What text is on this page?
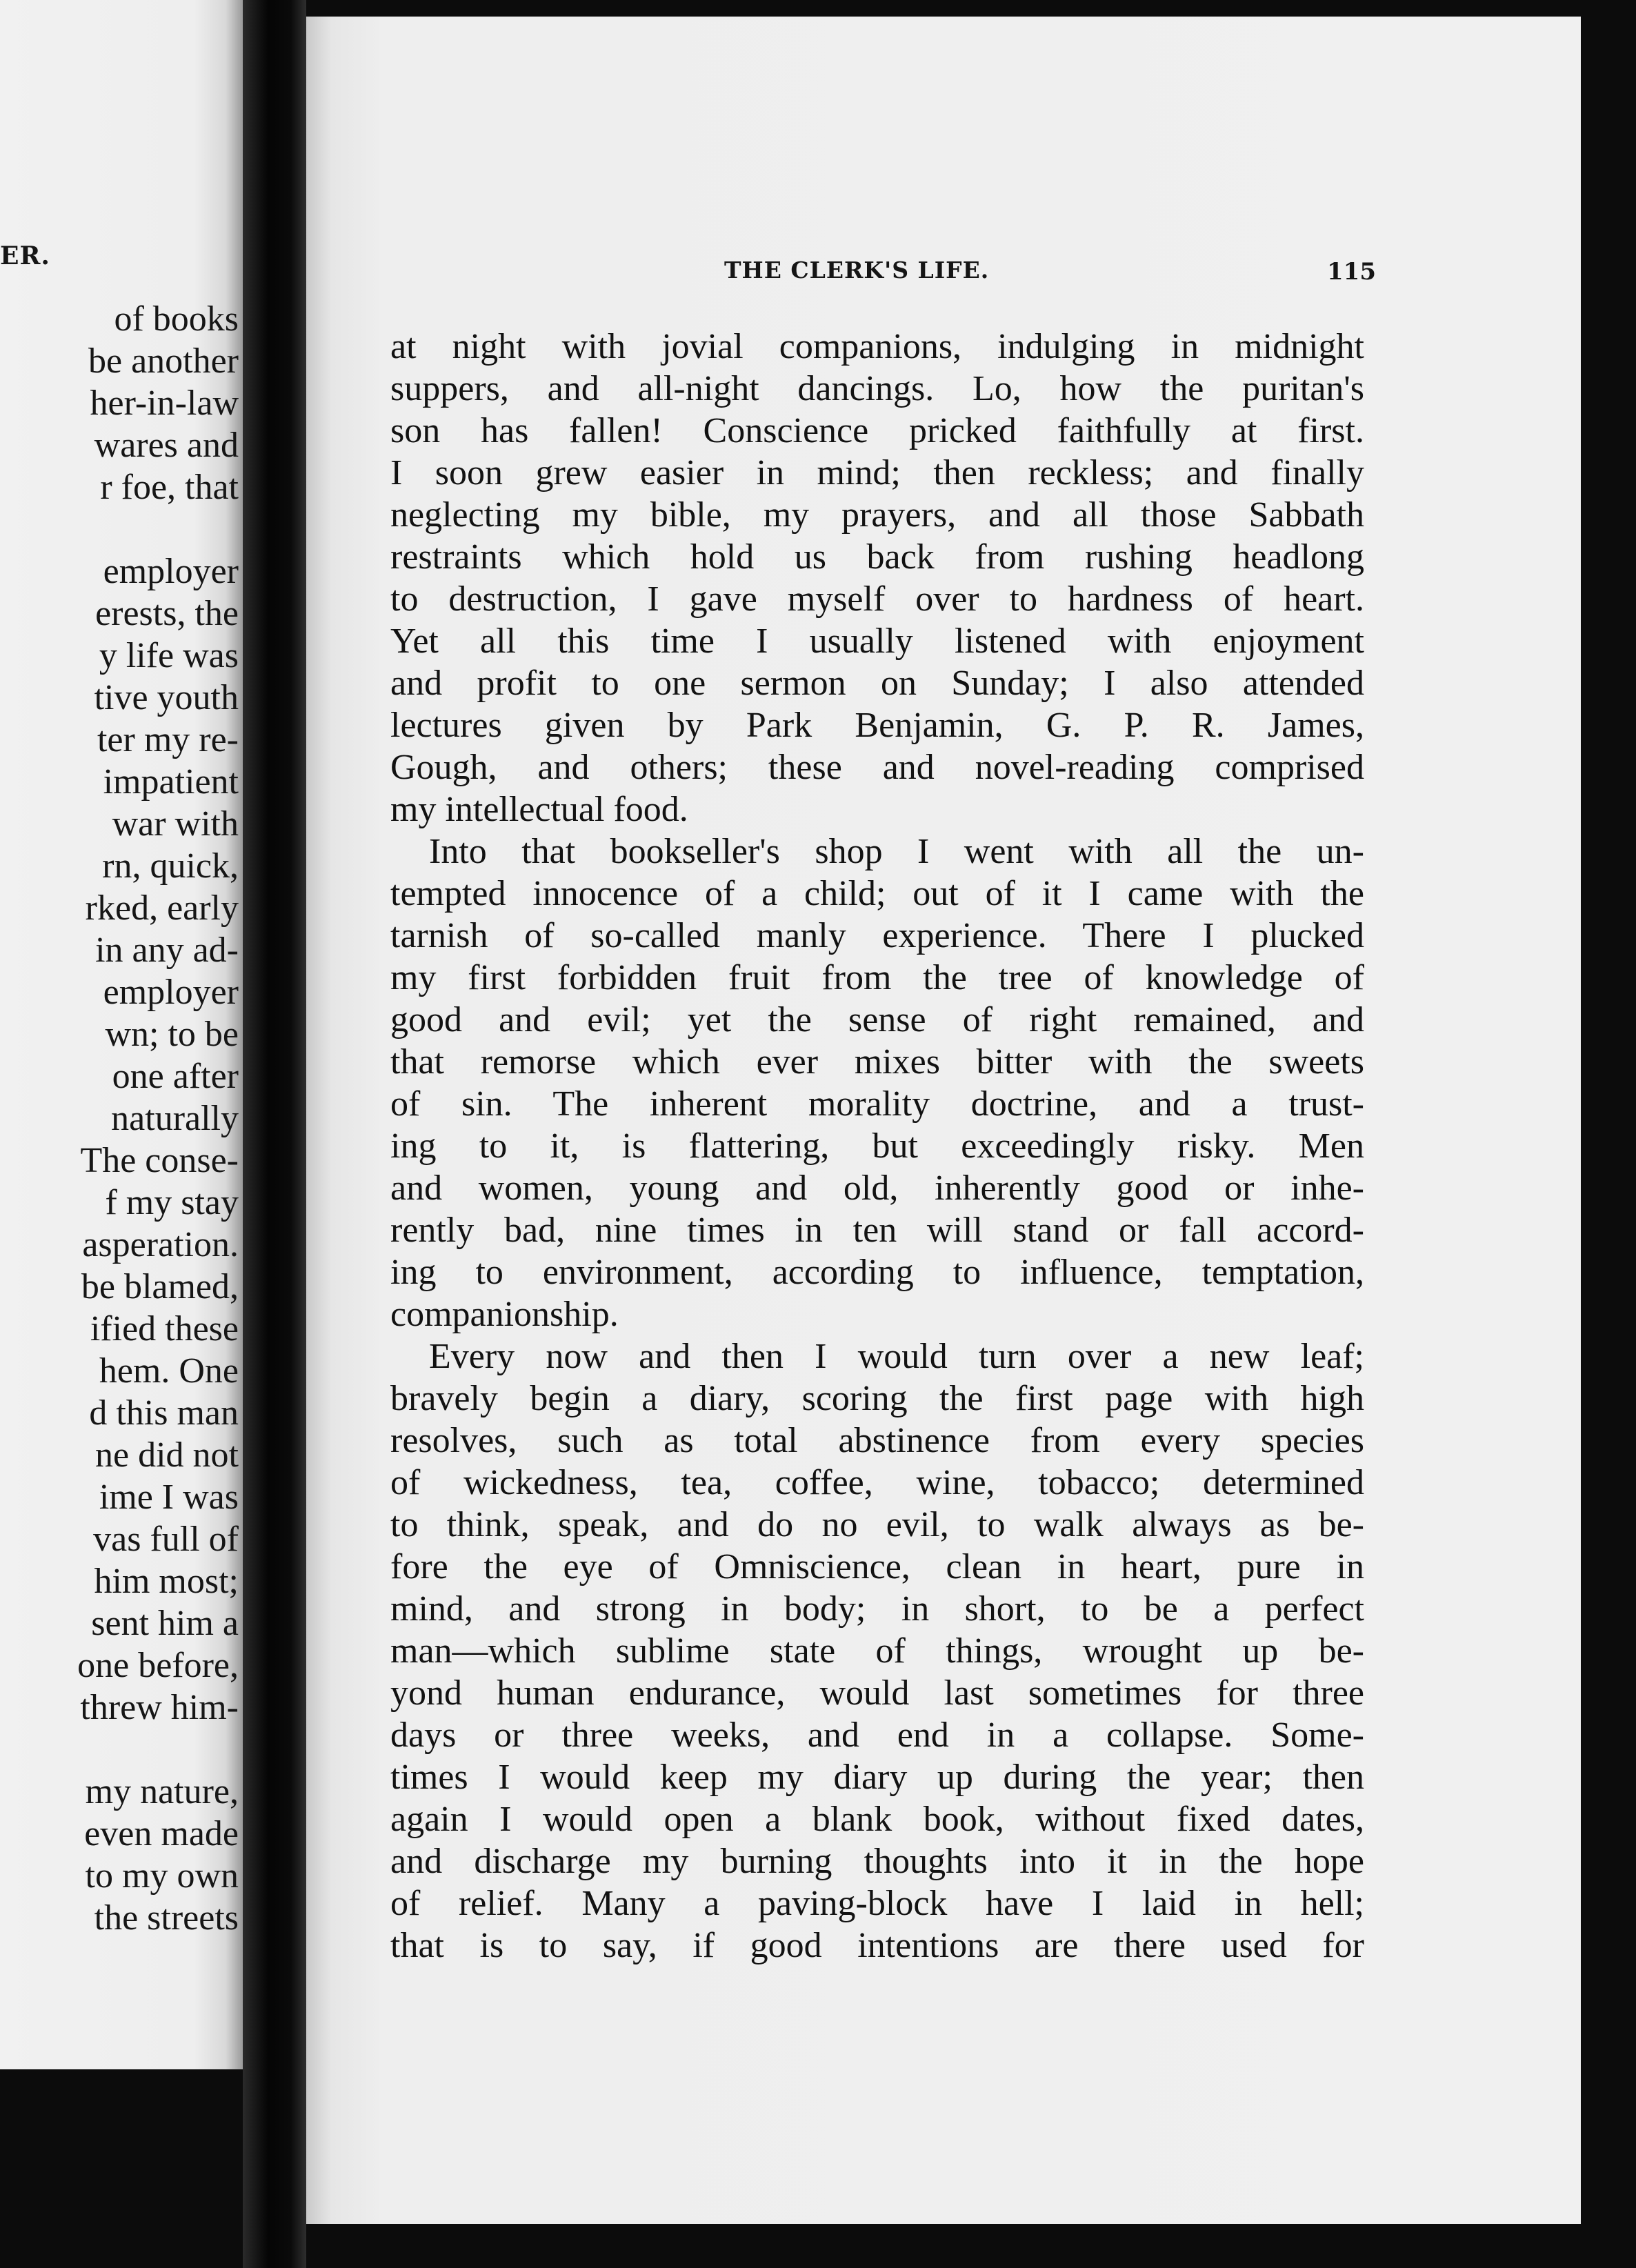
ER.
of books
be another
her-in-law
wares and
r foe, that
employer
erests, the
y life was
tive youth
ter my re-
impatient
war with
rn, quick,
rked, early
in any ad-
employer
wn; to be
one after
naturally
The conse-
f my stay
asperation.
be blamed,
ified these
hem. One
d this man
ne did not
ime I was
vas full of
him most;
sent him a
one before,
threw him-
my nature,
even made
to my own
the streets
THE CLERK'S LIFE.	115
at night with jovial companions, indulging in midnight
suppers, and all-night dancings. Lo, how the puritan's
son has fallen! Conscience pricked faithfully at first.
I soon grew easier in mind; then reckless; and finally
neglecting my bible, my prayers, and all those Sabbath
restraints which hold us back from rushing headlong
to destruction, I gave myself over to hardness of heart.
Yet all this time I usually listened with enjoyment
and profit to one sermon on Sunday; I also attended
lectures given by Park Benjamin, G. P. R. James,
Gough, and others; these and novel-reading comprised
my intellectual food.
Into that bookseller's shop I went with all the un-
tempted innocence of a child; out of it I came with the
tarnish of so-called manly experience. There I plucked
my first forbidden fruit from the tree of knowledge of
good and evil; yet the sense of right remained, and
that remorse which ever mixes bitter with the sweets
of sin. The inherent morality doctrine, and a trust-
ing to it, is flattering, but exceedingly risky. Men
and women, young and old, inherently good or inhe-
rently bad, nine times in ten will stand or fall accord-
ing to environment, according to influence, temptation,
companionship.
Every now and then I would turn over a new leaf;
bravely begin a diary, scoring the first page with high
resolves, such as total abstinence from every species
of wickedness, tea, coffee, wine, tobacco; determined
to think, speak, and do no evil, to walk always as be-
fore the eye of Omniscience, clean in heart, pure in
mind, and strong in body; in short, to be a perfect
man—which sublime state of things, wrought up be-
yond human endurance, would last sometimes for three
days or three weeks, and end in a collapse. Some-
times I would keep my diary up during the year; then
again I would open a blank book, without fixed dates,
and discharge my burning thoughts into it in the hope
of relief. Many a paving-block have I laid in hell;
that is to say, if good intentions are there used for
